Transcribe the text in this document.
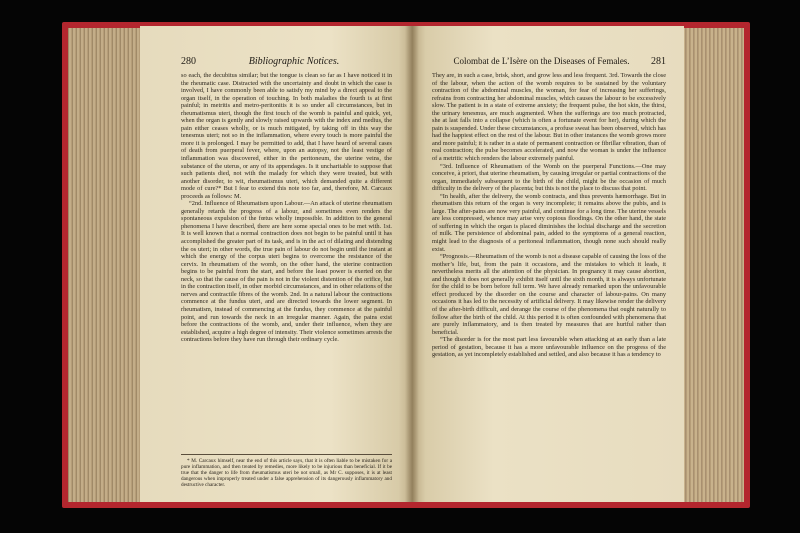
280	Bibliographic Notices.

so each, the decubitus similar; but the tongue is clean so far as I have noticed it in the rheumatic case. Distracted with the uncertainty and doubt in which the case is involved, I have commonly been able to satisfy my mind by a direct appeal to the organ itself, in the operation of touching. In both maladies the fourth is at first painful; in metritis and metro-peritonitis it is so under all circumstances, but in rheumatismus uteri, though the first touch of the womb is painful and quick, yet, when the organ is gently and slowly raised upwards with the index and medius, the pain either ceases wholly, or is much mitigated, by taking off in this way the tenesmus uteri; not so in the inflammation, where every touch is more painful the more it is prolonged. I may be permitted to add, that I have heard of several cases of death from puerperal fever, where, upon an autopsy, not the least vestige of inflammation was discovered, either in the peritoneum, the uterine veins, the substance of the uterus, or any of its appendages. Is it uncharitable to suppose that such patients died, not with the malady for which they were treated, but with another disorder, to wit, rheumatismus uteri, which demanded quite a different mode of cure?* But I fear to extend this note too far, and, therefore, M. Carcaux proceeds as follows: M.

“2nd. Influence of Rheumatism upon Labour.—An attack of uterine rheumatism generally retards the progress of a labour, and sometimes even renders the spontaneous expulsion of the fœtus wholly impossible. In addition to the general phenomena I have described, there are here some special ones to be met with. 1st. It is well known that a normal contraction does not begin to be painful until it has accomplished the greater part of its task, and is in the act of dilating and distending the os uteri; in other words, the true pain of labour do not begin until the instant at which the energy of the corpus uteri begins to overcome the resistance of the cervix. In rheumatism of the womb, on the other hand, the uterine contraction begins to be painful from the start, and before the least power is exerted on the neck, so that the cause of the pain is not in the violent distention of the orifice, but in the contraction itself, in other morbid circumstances, and in other relations of the nerves and contractile fibres of the womb. 2nd. In a natural labour the contractions commence at the fundus uteri, and are directed towards the lower segment. In rheumatism, instead of commencing at the fundus, they commence at the painful point, and run towards the neck in an irregular manner. Again, the pains exist before the contractions of the womb, and, under their influence, when they are established, acquire a high degree of intensity. Their violence sometimes arrests the contractions before they have run through their ordinary cycle.

* M. Carcaux himself, near the end of this article says, that it is often liable to be mistaken for a pure inflammation, and then treated by remedies, more likely to be injurious than beneficial. If it be true that the danger to life from rheumatismus uteri be not small, as Mr C. supposes, it is at least dangerous when improperly treated under a false apprehension of its dangerously inflammatory and destructive character.

Colombat de L’Isère on the Diseases of Females. 281

They are, in such a case, brisk, short, and grow less and less frequent. 3rd. Towards the close of the labour, when the action of the womb requires to be sustained by the voluntary contraction of the abdominal muscles, the woman, for fear of increasing her sufferings, refrains from contracting her abdominal muscles, which causes the labour to be excessively slow. The patient is in a state of extreme anxiety; the frequent pulse, the hot skin, the thirst, the urinary tenesmus, are much augmented. When the sufferings are too much protracted, she at last falls into a collapse (which is often a fortunate event for her), during which the pain is suspended. Under these circumstances, a profuse sweat has been observed, which has had the happiest effect on the rest of the labour. But in other instances the womb grows more and more painful; it is rather in a state of permanent contraction or fibrillar vibration, than of real contraction; the pulse becomes accelerated, and now the woman is under the influence of a metritic which renders the labour extremely painful.

“3rd. Influence of Rheumatism of the Womb on the puerperal Functions.—One may conceive, à priori, that uterine rheumatism, by causing irregular or partial contractions of the organ, immediately subsequent to the birth of the child, might be the occasion of much difficulty in the delivery of the placenta; but this is not the place to discuss that point.

“In health, after the delivery, the womb contracts, and thus prevents hæmorrhage. But in rheumatism this return of the organ is very incomplete; it remains above the pubis, and is large. The after-pains are now very painful, and continue for a long time. The uterine vessels are less compressed, whence may arise very copious floodings. On the other hand, the state of suffering in which the organ is placed diminishes the lochial discharge and the secretion of milk. The persistence of abdominal pain, added to the symptoms of a general reaction, might lead to the diagnosis of a peritoneal inflammation, though none such should really exist.

“Prognosis.—Rheumatism of the womb is not a disease capable of causing the loss of the mother’s life, but, from the pain it occasions, and the mistakes to which it leads, it nevertheless merits all the attention of the physician. In pregnancy it may cause abortion, and though it does not generally exhibit itself until the sixth month, it is always unfortunate for the child to be born before full term. We have already remarked upon the unfavourable effect produced by the disorder on the course and character of labour-pains. On many occasions it has led to the necessity of artificial delivery. It may likewise render the delivery of the after-birth difficult, and derange the course of the phenomena that ought naturally to follow after the birth of the child. At this period it is often confounded with phenomena that are purely inflammatory, and is then treated by measures that are hurtful rather than beneficial.

“The disorder is for the most part less favourable when attacking at an early than a late period of gestation, because it has a more unfavourable influence on the progress of the gestation, as yet incompletely established and settled, and also because it has a tendency to
